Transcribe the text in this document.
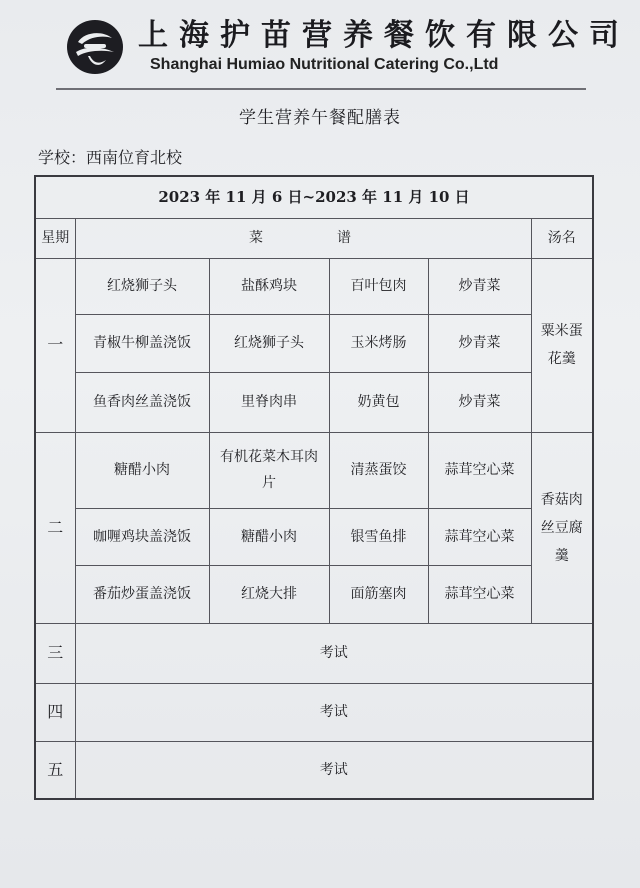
上海护苗营养餐饮有限公司
Shanghai Humiao Nutritional Catering Co.,Ltd
学生营养午餐配膳表
学校：西南位育北校
2023 年 11 月 6 日~2023 年 11 月 10 日					
星期	菜谱				汤名
一	红烧狮子头	盐酥鸡块	百叶包肉	炒青菜	粟米蛋
花羹

	青椒牛柳盖浇饭	红烧狮子头	玉米烤肠	炒青菜	
	鱼香肉丝盖浇饭	里脊肉串	奶黄包	炒青菜	
二	糖醋小肉	有机花菜木耳肉片	清蒸蛋饺	蒜茸空心菜	香菇肉
丝豆腐
羹

	咖喱鸡块盖浇饭	糖醋小肉	银雪鱼排	蒜茸空心菜	
	番茄炒蛋盖浇饭	红烧大排	面筋塞肉	蒜茸空心菜	
三	考试				
四	考试				
五	考试				
